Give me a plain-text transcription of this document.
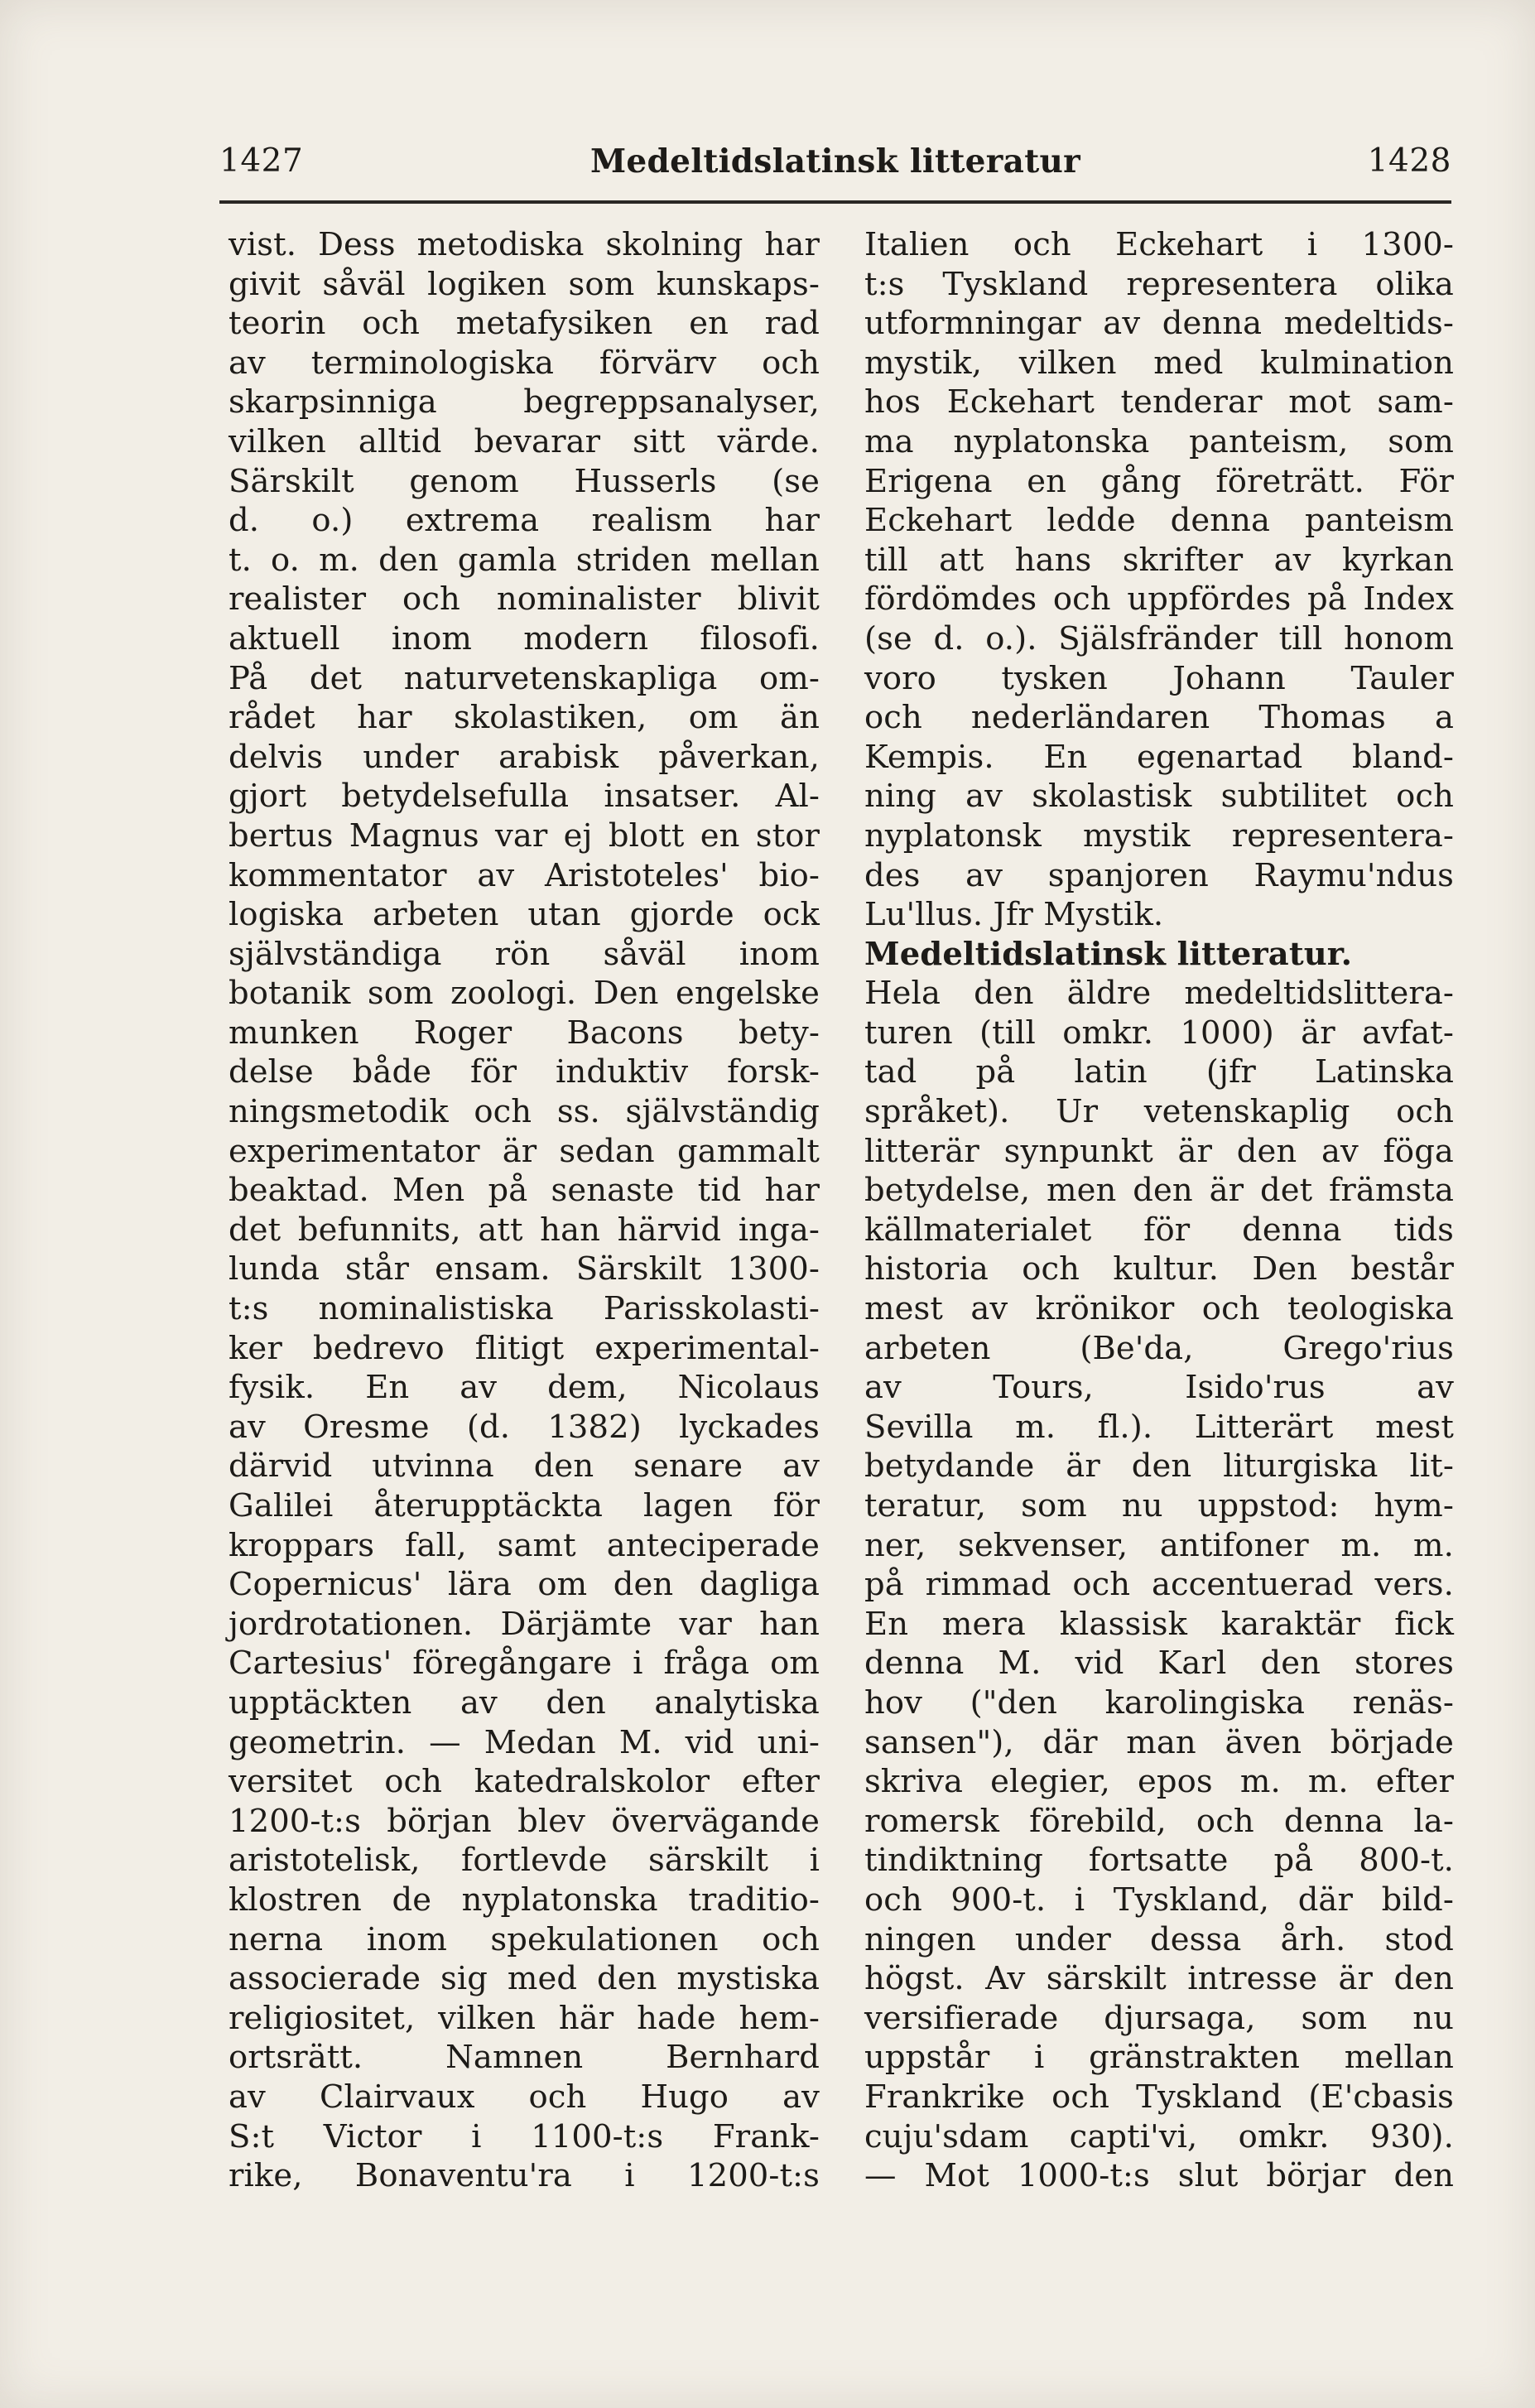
1427	Medeltidslatinsk litteratur	1428
vist. Dess metodiska skolning har
givit såväl logiken som kunskaps-
teorin och metafysiken en rad
av terminologiska förvärv och
skarpsinniga begreppsanalyser,
vilken alltid bevarar sitt värde.
Särskilt genom Husserls (se
d. o.) extrema realism har
t. o. m. den gamla striden mellan
realister och nominalister blivit
aktuell inom modern filosofi.
På det naturvetenskapliga om-
rådet har skolastiken, om än
delvis under arabisk påverkan,
gjort betydelsefulla insatser. Al-
bertus Magnus var ej blott en stor
kommentator av Aristoteles' bio-
logiska arbeten utan gjorde ock
självständiga rön såväl inom
botanik som zoologi. Den engelske
munken Roger Bacons bety-
delse både för induktiv forsk-
ningsmetodik och ss. självständig
experimentator är sedan gammalt
beaktad. Men på senaste tid har
det befunnits, att han härvid inga-
lunda står ensam. Särskilt 1300-
t:s nominalistiska Parisskolasti-
ker bedrevo flitigt experimental-
fysik. En av dem, Nicolaus
av Oresme (d. 1382) lyckades
därvid utvinna den senare av
Galilei återupptäckta lagen för
kroppars fall, samt anteciperade
Copernicus' lära om den dagliga
jordrotationen. Därjämte var han
Cartesius' föregångare i fråga om
upptäckten av den analytiska
geometrin. — Medan M. vid uni-
versitet och katedralskolor efter
1200-t:s början blev övervägande
aristotelisk, fortlevde särskilt i
klostren de nyplatonska traditio-
nerna inom spekulationen och
associerade sig med den mystiska
religiositet, vilken här hade hem-
ortsrätt. Namnen Bernhard
av Clairvaux och Hugo av
S:t Victor i 1100-t:s Frank-
rike, Bonaventu'ra i 1200-t:s
Italien och Eckehart i 1300-
t:s Tyskland representera olika
utformningar av denna medeltids-
mystik, vilken med kulmination
hos Eckehart tenderar mot sam-
ma nyplatonska panteism, som
Erigena en gång företrätt. För
Eckehart ledde denna panteism
till att hans skrifter av kyrkan
fördömdes och uppfördes på Index
(se d. o.). Själsfränder till honom
voro tysken Johann Tauler
och nederländaren Thomas a
Kempis. En egenartad bland-
ning av skolastisk subtilitet och
nyplatonsk mystik representera-
des av spanjoren Raymu'ndus
Lu'llus. Jfr Mystik.
Medeltidslatinsk litteratur.
Hela den äldre medeltidslittera-
turen (till omkr. 1000) är avfat-
tad på latin (jfr Latinska
språket). Ur vetenskaplig och
litterär synpunkt är den av föga
betydelse, men den är det främsta
källmaterialet för denna tids
historia och kultur. Den består
mest av krönikor och teologiska
arbeten (Be'da, Grego'rius
av Tours, Isido'rus av
Sevilla m. fl.). Litterärt mest
betydande är den liturgiska lit-
teratur, som nu uppstod: hym-
ner, sekvenser, antifoner m. m.
på rimmad och accentuerad vers.
En mera klassisk karaktär fick
denna M. vid Karl den stores
hov ("den karolingiska renäs-
sansen"), där man även började
skriva elegier, epos m. m. efter
romersk förebild, och denna la-
tindiktning fortsatte på 800-t.
och 900-t. i Tyskland, där bild-
ningen under dessa årh. stod
högst. Av särskilt intresse är den
versifierade djursaga, som nu
uppstår i gränstrakten mellan
Frankrike och Tyskland (E'cbasis
cuju'sdam capti'vi, omkr. 930).
— Mot 1000-t:s slut börjar den
